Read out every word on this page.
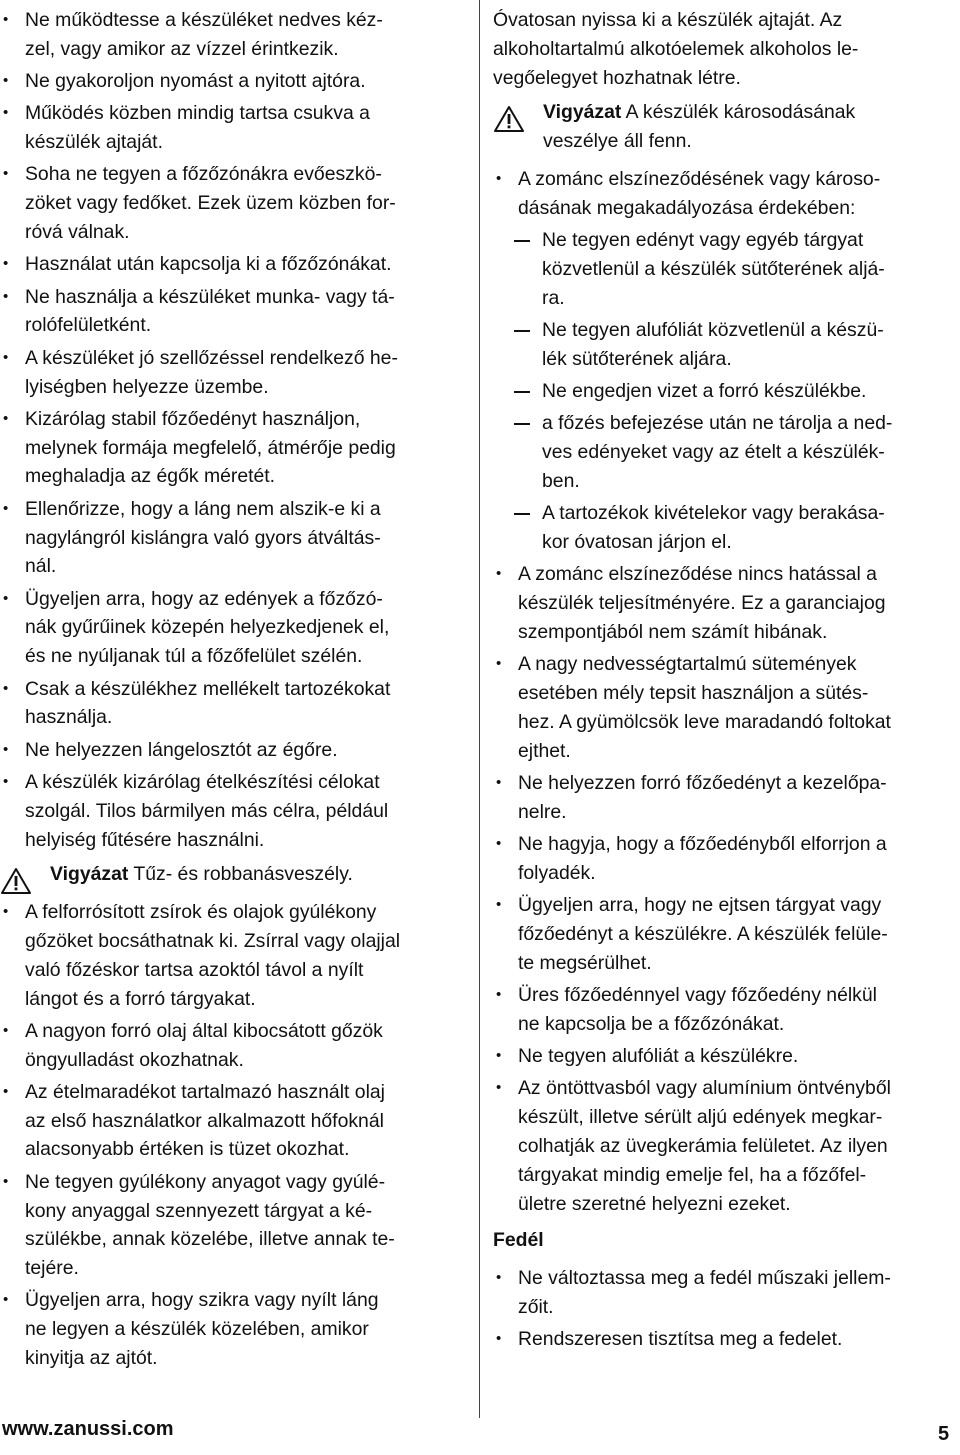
• Ne működtesse a készüléket nedves kéz-
zel, vagy amikor az vízzel érintkezik.
• Ne gyakoroljon nyomást a nyitott ajtóra.
• Működés közben mindig tartsa csukva a
készülék ajtaját.
• Soha ne tegyen a főzőzónákra evőeszkö-
zöket vagy fedőket. Ezek üzem közben for-
róvá válnak.
• Használat után kapcsolja ki a főzőzónákat.
• Ne használja a készüléket munka- vagy tá-
rolófelületként.
• A készüléket jó szellőzéssel rendelkező he-
lyiségben helyezze üzembe.
• Kizárólag stabil főzőedényt használjon,
melynek formája megfelelő, átmérője pedig
meghaladja az égők méretét.
• Ellenőrizze, hogy a láng nem alszik-e ki a
nagylángról kislángra való gyors átváltás-
nál.
• Ügyeljen arra, hogy az edények a főzőzó-
nák gyűrűinek közepén helyezkedjenek el,
és ne nyúljanak túl a főzőfelület szélén.
• Csak a készülékhez mellékelt tartozékokat
használja.
• Ne helyezzen lángelosztót az égőre.
• A készülék kizárólag ételkészítési célokat
szolgál. Tilos bármilyen más célra, például
helyiség fűtésére használni.
Vigyázat Tűz- és robbanásveszély.
• A felforrósított zsírok és olajok gyúlékony
gőzöket bocsáthatnak ki. Zsírral vagy olajjal
való főzéskor tartsa azoktól távol a nyílt
lángot és a forró tárgyakat.
• A nagyon forró olaj által kibocsátott gőzök
öngyulladást okozhatnak.
• Az ételmaradékot tartalmazó használt olaj
az első használatkor alkalmazott hőfoknál
alacsonyabb értéken is tüzet okozhat.
• Ne tegyen gyúlékony anyagot vagy gyúlé-
kony anyaggal szennyezett tárgyat a ké-
szülékbe, annak közelébe, illetve annak te-
tejére.
• Ügyeljen arra, hogy szikra vagy nyílt láng
ne legyen a készülék közelében, amikor
kinyitja az ajtót.
Óvatosan nyissa ki a készülék ajtaját. Az
alkoholtartalmú alkotóelemek alkoholos le-
vegőelegyet hozhatnak létre.
Vigyázat A készülék károsodásának
veszélye áll fenn.
• A zománc elszíneződésének vagy károso-
dásának megakadályozása érdekében:
Ne tegyen edényt vagy egyéb tárgyat
közvetlenül a készülék sütőterének aljá-
ra.
Ne tegyen alufóliát közvetlenül a készü-
lék sütőterének aljára.
Ne engedjen vizet a forró készülékbe.
a főzés befejezése után ne tárolja a ned-
ves edényeket vagy az ételt a készülék-
ben.
A tartozékok kivételekor vagy berakása-
kor óvatosan járjon el.
• A zománc elszíneződése nincs hatással a
készülék teljesítményére. Ez a garanciajog
szempontjából nem számít hibának.
• A nagy nedvességtartalmú sütemények
esetében mély tepsit használjon a sütés-
hez. A gyümölcsök leve maradandó foltokat
ejthet.
• Ne helyezzen forró főzőedényt a kezelőpa-
nelre.
• Ne hagyja, hogy a főzőedényből elforrjon a
folyadék.
• Ügyeljen arra, hogy ne ejtsen tárgyat vagy
főzőedényt a készülékre. A készülék felüle-
te megsérülhet.
• Üres főzőedénnyel vagy főzőedény nélkül
ne kapcsolja be a főzőzónákat.
• Ne tegyen alufóliát a készülékre.
• Az öntöttvasból vagy alumínium öntvényből
készült, illetve sérült aljú edények megkar-
colhatják az üvegkerámia felületet. Az ilyen
tárgyakat mindig emelje fel, ha a főzőfel-
ületre szeretné helyezni ezeket.
Fedél
• Ne változtassa meg a fedél műszaki jellem-
zőit.
• Rendszeresen tisztítsa meg a fedelet.
www.zanussi.com	5
